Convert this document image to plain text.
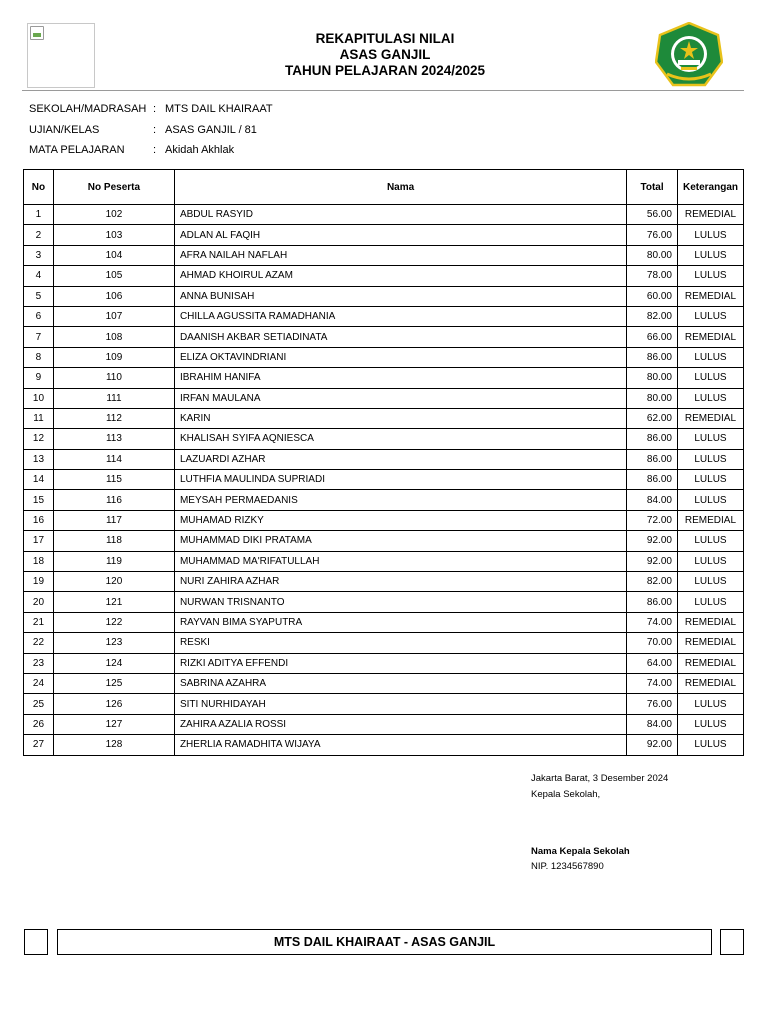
REKAPITULASI NILAI
ASAS GANJIL
TAHUN PELAJARAN 2024/2025
SEKOLAH/MADRASAH : MTS DAIL KHAIRAAT
UJIAN/KELAS	: ASAS GANJIL / 81
MATA PELAJARAN	: Akidah Akhlak
No	No Peserta	Nama	Total	Keterangan
1	102	ABDUL RASYID	56.00	REMEDIAL
2	103	ADLAN AL FAQIH	76.00	LULUS
3	104	AFRA NAILAH NAFLAH	80.00	LULUS
4	105	AHMAD KHOIRUL AZAM	78.00	LULUS
5	106	ANNA BUNISAH	60.00	REMEDIAL
6	107	CHILLA AGUSSITA RAMADHANIA	82.00	LULUS
7	108	DAANISH AKBAR SETIADINATA	66.00	REMEDIAL
8	109	ELIZA OKTAVINDRIANI	86.00	LULUS
9	110	IBRAHIM HANIFA	80.00	LULUS
10	111	IRFAN MAULANA	80.00	LULUS
11	112	KARIN	62.00	REMEDIAL
12	113	KHALISAH SYIFA AQNIESCA	86.00	LULUS
13	114	LAZUARDI AZHAR	86.00	LULUS
14	115	LUTHFIA MAULINDA SUPRIADI	86.00	LULUS
15	116	MEYSAH PERMAEDANIS	84.00	LULUS
16	117	MUHAMAD RIZKY	72.00	REMEDIAL
17	118	MUHAMMAD DIKI PRATAMA	92.00	LULUS
18	119	MUHAMMAD MA'RIFATULLAH	92.00	LULUS
19	120	NURI ZAHIRA AZHAR	82.00	LULUS
20	121	NURWAN TRISNANTO	86.00	LULUS
21	122	RAYVAN BIMA SYAPUTRA	74.00	REMEDIAL
22	123	RESKI	70.00	REMEDIAL
23	124	RIZKI ADITYA EFFENDI	64.00	REMEDIAL
24	125	SABRINA AZAHRA	74.00	REMEDIAL
25	126	SITI NURHIDAYAH	76.00	LULUS
26	127	ZAHIRA AZALIA ROSSI	84.00	LULUS
27	128	ZHERLIA RAMADHITA WIJAYA	92.00	LULUS
Jakarta Barat, 3 Desember 2024
Kepala Sekolah,
Nama Kepala Sekolah
NIP. 1234567890
MTS DAIL KHAIRAAT - ASAS GANJIL
